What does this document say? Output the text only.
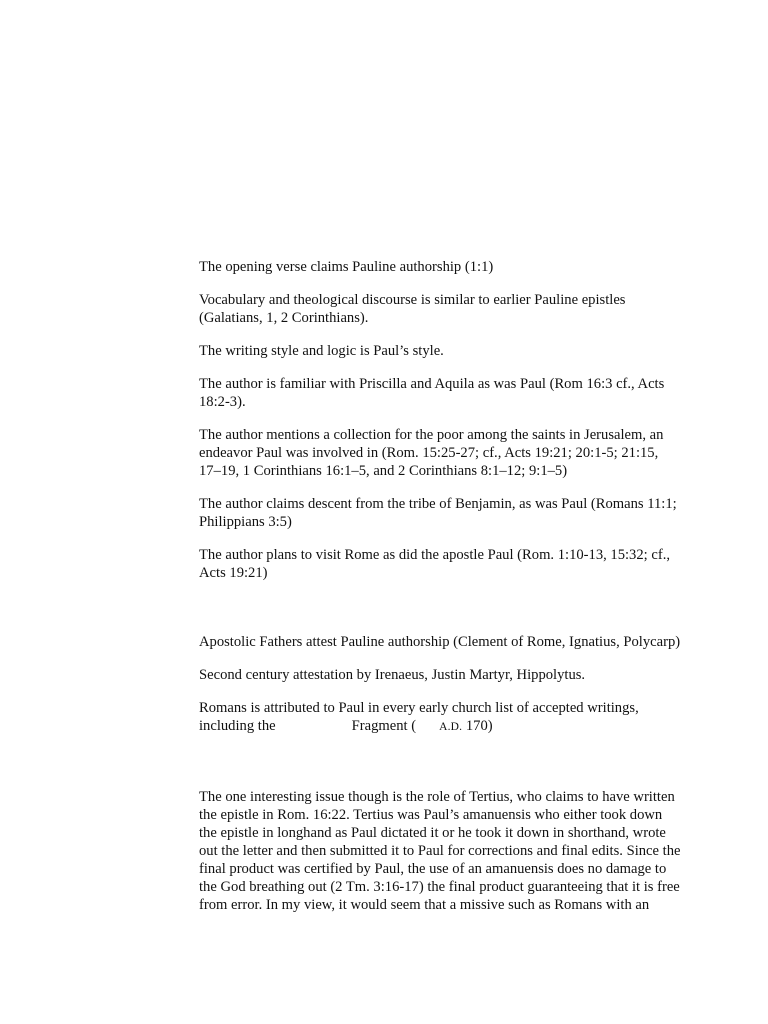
The opening verse claims Pauline authorship (1:1)

Vocabulary and theological discourse is similar to earlier Pauline epistles
(Galatians, 1, 2 Corinthians).

The writing style and logic is Paul’s style.

The author is familiar with Priscilla and Aquila as was Paul (Rom 16:3 cf., Acts
18:2-3).

The author mentions a collection for the poor among the saints in Jerusalem, an
endeavor Paul was involved in (Rom. 15:25-27; cf., Acts 19:21; 20:1-5; 21:15,
17–19, 1 Corinthians 16:1–5, and 2 Corinthians 8:1–12; 9:1–5)

The author claims descent from the tribe of Benjamin, as was Paul (Romans 11:1;
Philippians 3:5)

The author plans to visit Rome as did the apostle Paul (Rom. 1:10-13, 15:32; cf.,
Acts 19:21)

Apostolic Fathers attest Pauline authorship (Clement of Rome, Ignatius, Polycarp)

Second century attestation by Irenaeus, Justin Martyr, Hippolytus.

Romans is attributed to Paul in every early church list of accepted writings,
including the	Fragment ( A.D. 170)

The one interesting issue though is the role of Tertius, who claims to have written
the epistle in Rom. 16:22. Tertius was Paul’s amanuensis who either took down
the epistle in longhand as Paul dictated it or he took it down in shorthand, wrote
out the letter and then submitted it to Paul for corrections and final edits. Since the
final product was certified by Paul, the use of an amanuensis does no damage to
the God breathing out (2 Tm. 3:16-17) the final product guaranteeing that it is free
from error. In my view, it would seem that a missive such as Romans with an
